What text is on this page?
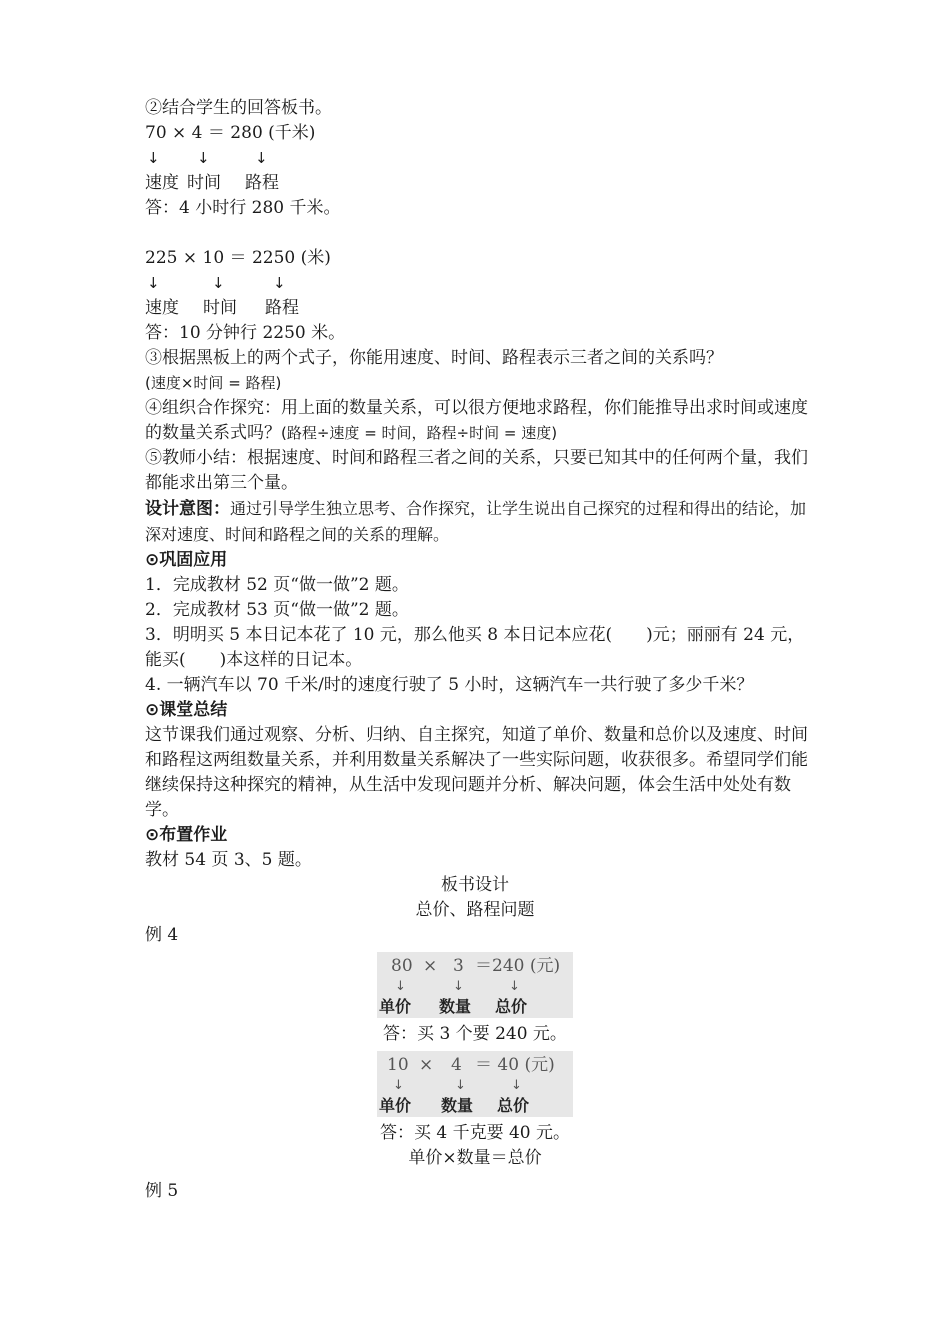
②结合学生的回答板书。
70 × 4 ＝ 280 (千米)
↓ ↓	↓
速度 时间 路程
答：4 小时行 280 千米。
225 × 10 ＝ 2250 (米)
↓	↓	↓
速度 时间 路程
答：10 分钟行 2250 米。
③根据黑板上的两个式子，你能用速度、时间、路程表示三者之间的关系吗？
(速度×时间 = 路程)
④组织合作探究：用上面的数量关系，可以很方便地求路程，你们能推导出求时间或速度的数量关系式吗？(路程÷速度 = 时间，路程÷时间 = 速度)
⑤教师小结：根据速度、时间和路程三者之间的关系，只要已知其中的任何两个量，我们都能求出第三个量。
设计意图：通过引导学生独立思考、合作探究，让学生说出自己探究的过程和得出的结论，加深对速度、时间和路程之间的关系的理解。
⊙巩固应用
1．完成教材 52 页“做一做”2 题。
2．完成教材 53 页“做一做”2 题。
3．明明买 5 本日记本花了 10 元，那么他买 8 本日记本应花(　　)元；丽丽有 24 元，能买(　　)本这样的日记本。
4. 一辆汽车以 70 千米/时的速度行驶了 5 小时，这辆汽车一共行驶了多少千米？
⊙课堂总结
这节课我们通过观察、分析、归纳、自主探究，知道了单价、数量和总价以及速度、时间和路程这两组数量关系，并利用数量关系解决了一些实际问题，收获很多。希望同学们能继续保持这种探究的精神，从生活中发现问题并分析、解决问题，体会生活中处处有数学。
⊙布置作业
教材 54 页 3、5 题。
板书设计
总价、路程问题
例 4
80 × 3 ＝240 (元)
↓	↓	↓
单价 数量 总价
答：买 3 个要 240 元。
10 × 4 ＝ 40 (元)
↓	↓	↓
单价 数量 总价
答：买 4 千克要 40 元。
单价×数量＝总价
例 5
